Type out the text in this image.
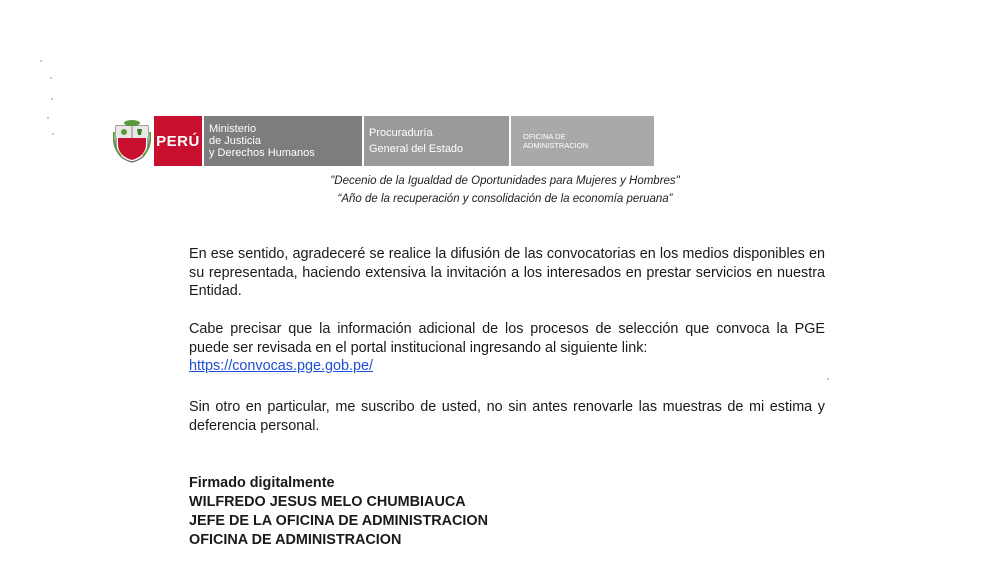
PERÚ
Ministerio
de Justicia
y Derechos Humanos
Procuraduría
General del Estado
OFICINA DE
ADMINISTRACION
"Decenio de la Igualdad de Oportunidades para Mujeres y Hombres"
“Año de la recuperación y consolidación de la economía peruana”
En ese sentido, agradeceré se realice la difusión de las convocatorias en los medios disponibles en su representada, haciendo extensiva la invitación a los interesados en prestar servicios en nuestra Entidad.
Cabe precisar que la información adicional de los procesos de selección que convoca la PGE puede ser revisada en el portal institucional ingresando al siguiente link:
https://convocas.pge.gob.pe/
Sin otro en particular, me suscribo de usted, no sin antes renovarle las muestras de mi estima y deferencia personal.
Firmado digitalmente
WILFREDO JESUS MELO CHUMBIAUCA
JEFE DE LA OFICINA DE ADMINISTRACION
OFICINA DE ADMINISTRACION
